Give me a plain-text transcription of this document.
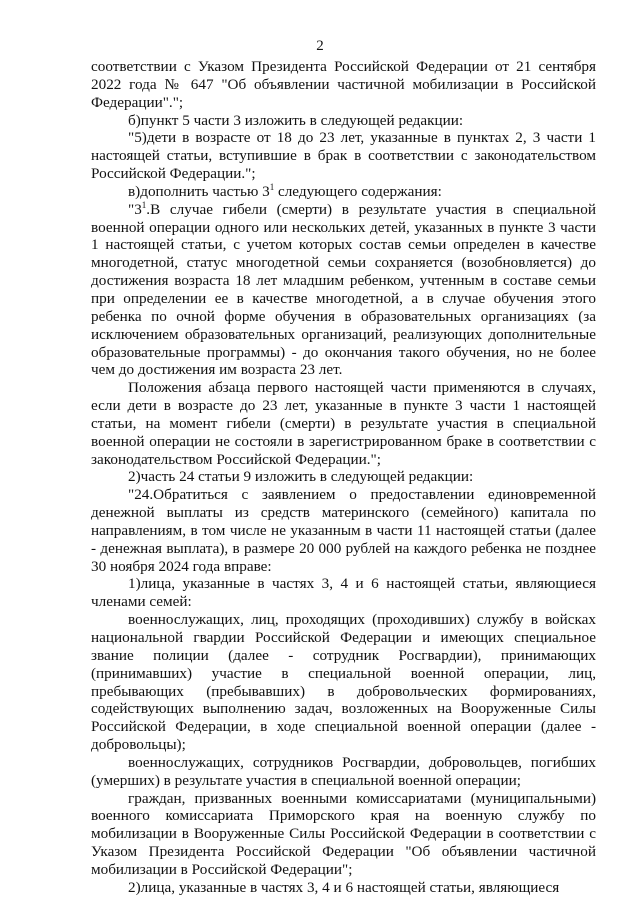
2

соответствии с Указом Президента Российской Федерации от 21 сентября 2022 года № 647 "Об объявлении частичной мобилизации в Российской Федерации".";

б)пункт 5 части 3 изложить в следующей редакции:

"5)дети в возрасте от 18 до 23 лет, указанные в пунктах 2, 3 части 1 настоящей статьи, вступившие в брак в соответствии с законодательством Российской Федерации.";

в)дополнить частью $3^1$ следующего содержания:

"$3^1.В$ случае гибели (смерти) в результате участия в специальной военной операции одного или нескольких детей, указанных в пункте 3 части 1 настоящей статьи, с учетом которых состав семьи определен в качестве многодетной, статус многодетной семьи сохраняется (возобновляется) до достижения возраста 18 лет младшим ребенком, учтенным в составе семьи при определении ее в качестве многодетной, а в случае обучения этого ребенка по очной форме обучения в образовательных организациях (за исключением образовательных организаций, реализующих дополнительные образовательные программы) - до окончания такого обучения, но не более чем до достижения им возраста 23 лет.

Положения абзаца первого настоящей части применяются в случаях, если дети в возрасте до 23 лет, указанные в пункте 3 части 1 настоящей статьи, на момент гибели (смерти) в результате участия в специальной военной операции не состояли в зарегистрированном браке в соответствии с законодательством Российской Федерации.";

2)часть 24 статьи 9 изложить в следующей редакции:

"24.Обратиться с заявлением о предоставлении единовременной денежной выплаты из средств материнского (семейного) капитала по направлениям, в том числе не указанным в части 11 настоящей статьи (далее - денежная выплата), в размере 20 000 рублей на каждого ребенка не позднее 30 ноября 2024 года вправе:

1)лица, указанные в частях 3, 4 и 6 настоящей статьи, являющиеся членами семей:

военнослужащих, лиц, проходящих (проходивших) службу в войсках национальной гвардии Российской Федерации и имеющих специальное звание полиции (далее - сотрудник Росгвардии), принимающих (принимавших) участие в специальной военной операции, лиц, пребывающих (пребывавших) в добровольческих формированиях, содействующих выполнению задач, возложенных на Вооруженные Силы Российской Федерации, в ходе специальной военной операции (далее - добровольцы);

военнослужащих, сотрудников Росгвардии, добровольцев, погибших (умерших) в результате участия в специальной военной операции;

граждан, призванных военными комиссариатами (муниципальными) военного комиссариата Приморского края на военную службу по мобилизации в Вооруженные Силы Российской Федерации в соответствии с Указом Президента Российской Федерации "Об объявлении частичной мобилизации в Российской Федерации";

2)лица, указанные в частях 3, 4 и 6 настоящей статьи, являющиеся
